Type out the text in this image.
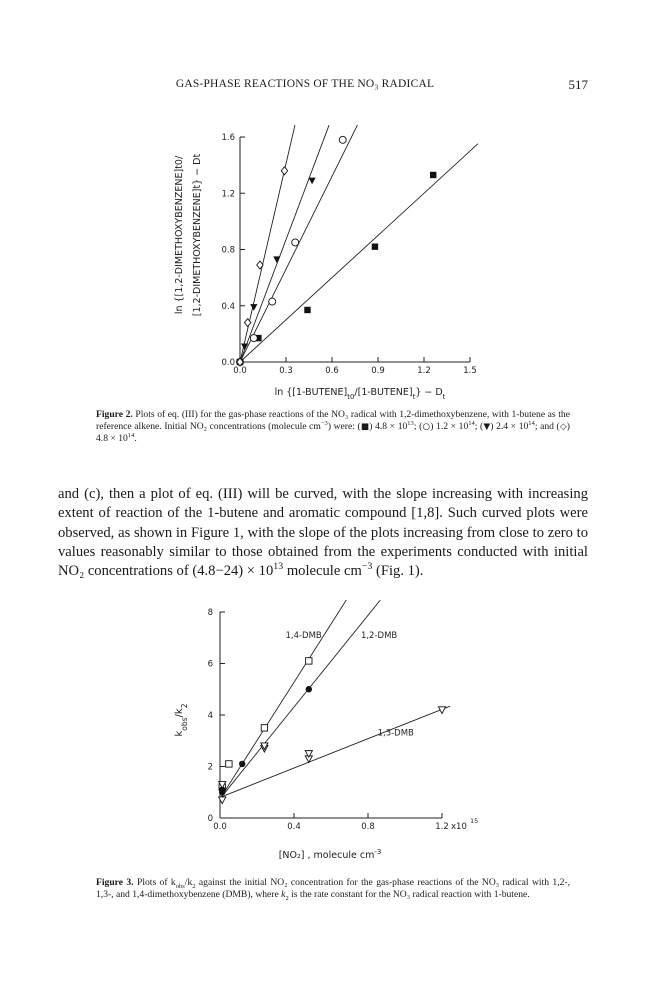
GAS-PHASE REACTIONS OF THE NO₃ RADICAL	517
0.0	0.3	0.6	0.9	1.2	1.5
0.0
0.4
0.8
1.2
1.6
$\ln \{[1-BUTENE]_{t0}/[1-BUTENE]_t\} - D_t$
ln {[1,2-DIMETHOXYBENZENE]t0/ [1,2-DIMETHOXYBENZENE]t} − Dt
Figure 2. Plots of eq. (III) for the gas-phase reactions of the NO₃ radical with 1,2-dimethoxybenzene, with 1-butene as the reference alkene. Initial NO₂ concentrations (molecule $cm^{-3}$) were: (■) $4.8 \times 10^{13}$; (○) $1.2 \times 10^{14}$; (▼) $2.4 \times 10^{14}$; and (◇) $4.8 \times 10^{14}$.
and (c), then a plot of eq. (III) will be curved, with the slope increasing with increasing extent of reaction of the 1-butene and aromatic compound [1,8]. Such curved plots were observed, as shown in Figure 1, with the slope of the plots increasing from close to zero to values reasonably similar to those obtained from the experiments conducted with initial NO₂ concentrations of $(4.8-24) \times 10^{13}$ molecule $cm^{-3}$ (Fig. 1).
0.0	0.4	0.8	1.2 x10
15
0
2
4
6
8
1,4-DMB	1,2-DMB
1,3-DMB
[NO₂] , molecule $cm^{-3}$
$k_{obs}/k_2$
Figure 3. Plots of $k_{obs}/k_2$ against the initial NO₂ concentration for the gas-phase reactions of the NO₃ radical with 1,2-, 1,3-, and 1,4-dimethoxybenzene (DMB), where $k_2$ is the rate constant for the NO₃ radical reaction with 1-butene.
